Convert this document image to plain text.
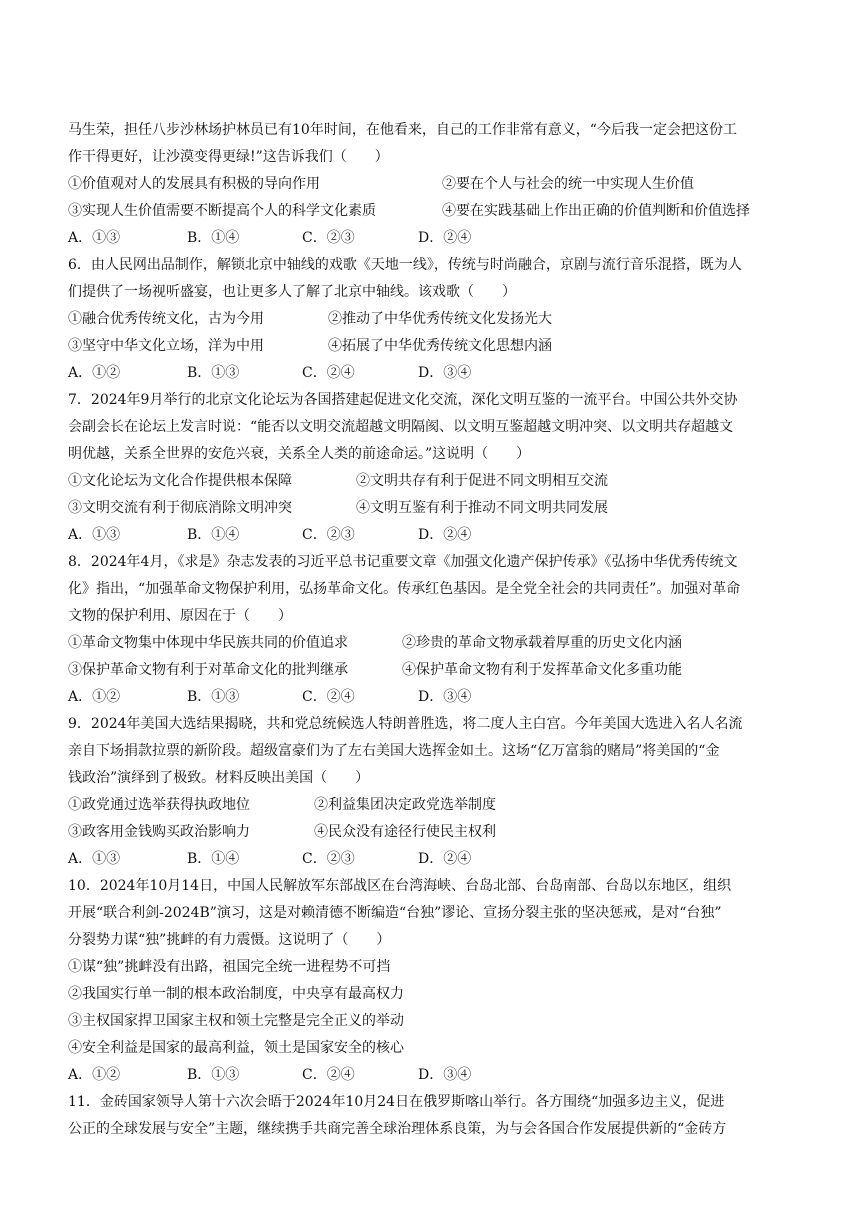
马生荣，担任八步沙林场护林员已有10年时间，在他看来，自己的工作非常有意义，“今后我一定会把这份工
作干得更好，让沙漠变得更绿!”这告诉我们（　　）
①价值观对人的发展具有积极的导向作用	②要在个人与社会的统一中实现人生价值
③实现人生价值需要不断提高个人的科学文化素质	④要在实践基础上作出正确的价值判断和价值选择
A．①③	B．①④	C．②③	D．②④
6．由人民网出品制作，解锁北京中轴线的戏歌《天地一线》，传统与时尚融合，京剧与流行音乐混搭，既为人
们提供了一场视听盛宴，也让更多人了解了北京中轴线。该戏歌（　　）
①融合优秀传统文化，古为今用	②推动了中华优秀传统文化发扬光大
③坚守中华文化立场，洋为中用	④拓展了中华优秀传统文化思想内涵
A．①②	B．①③	C．②④	D．③④
7．2024年9月举行的北京文化论坛为各国搭建起促进文化交流，深化文明互鉴的一流平台。中国公共外交协
会副会长在论坛上发言时说：“能否以文明交流超越文明隔阂、以文明互鉴超越文明冲突、以文明共存超越文
明优越，关系全世界的安危兴衰，关系全人类的前途命运。”这说明（　　）
①文化论坛为文化合作提供根本保障	②文明共存有利于促进不同文明相互交流
③文明交流有利于彻底消除文明冲突	④文明互鉴有利于推动不同文明共同发展
A．①③	B．①④	C．②③	D．②④
8．2024年4月，《求是》杂志发表的习近平总书记重要文章《加强文化遗产保护传承》《弘扬中华优秀传统文
化》指出，“加强革命文物保护利用，弘扬革命文化。传承红色基因。是全党全社会的共同责任”。加强对革命
文物的保护利用、原因在于（　　）
①革命文物集中体现中华民族共同的价值追求	②珍贵的革命文物承载着厚重的历史文化内涵
③保护革命文物有利于对革命文化的批判继承	④保护革命文物有利于发挥革命文化多重功能
A．①②	B．①③	C．②④	D．③④
9．2024年美国大选结果揭晓，共和党总统候选人特朗普胜选，将二度人主白宫。今年美国大选进入名人名流
亲自下场捐款拉票的新阶段。超级富豪们为了左右美国大选挥金如土。这场“亿万富翁的赌局”将美国的“金
钱政治”演绎到了极致。材料反映出美国（　　）
①政党通过选举获得执政地位	②利益集团决定政党选举制度
③政客用金钱购买政治影响力	④民众没有途径行使民主权利
A．①③	B．①④	C．②③	D．②④
10．2024年10月14日，中国人民解放军东部战区在台湾海峡、台岛北部、台岛南部、台岛以东地区，组织
开展“联合利剑-2024B”演习，这是对赖清德不断编造“台独”谬论、宣扬分裂主张的坚决惩戒，是对“台独”
分裂势力谋“独”挑衅的有力震慑。这说明了（　　）
①谋“独”挑衅没有出路，祖国完全统一进程势不可挡
②我国实行单一制的根本政治制度，中央享有最高权力
③主权国家捍卫国家主权和领土完整是完全正义的举动
④安全利益是国家的最高利益，领土是国家安全的核心
A．①②	B．①③	C．②④	D．③④
11．金砖国家领导人第十六次会晤于2024年10月24日在俄罗斯喀山举行。各方围绕“加强多边主义，促进
公正的全球发展与安全”主题，继续携手共商完善全球治理体系良策，为与会各国合作发展提供新的“金砖方
